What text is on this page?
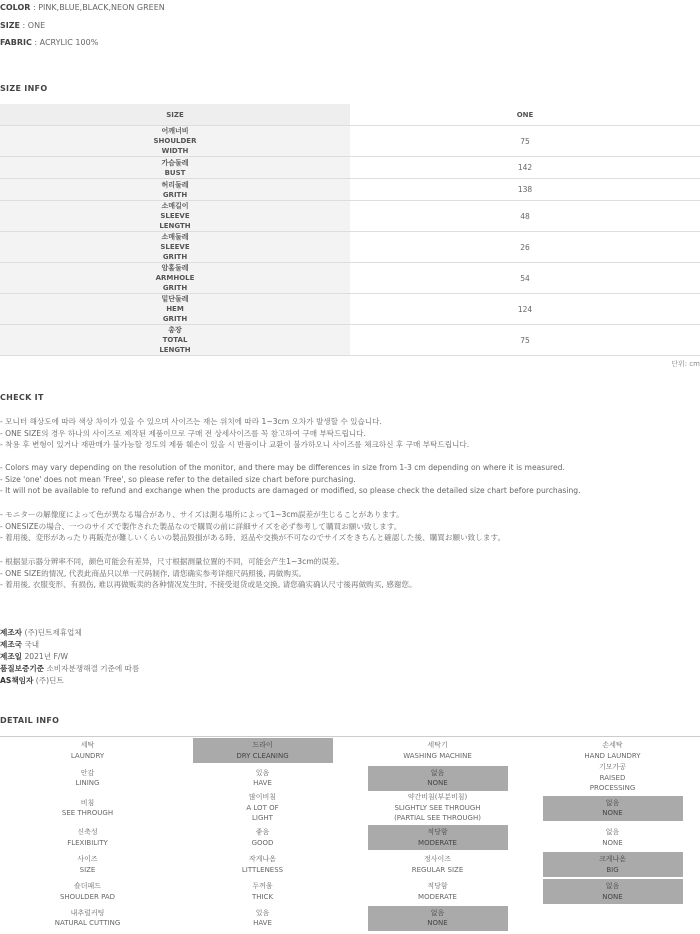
COLOR : PINK,BLUE,BLACK,NEON GREEN
SIZE : ONE
FABRIC : ACRYLIC 100%
SIZE INFO
SIZE	ONE
어깨너비
SHOULDER
WIDTH
75
가슴둘레
BUST
142
허리둘레
GRITH
138
소매길이
SLEEVE
LENGTH
48
소매둘레
SLEEVE
GRITH
26
암홀둘레
ARMHOLE
GRITH
54
밑단둘레
HEM
GRITH
124
총장
TOTAL
LENGTH
75
단위: cm
CHECK IT
- 모니터 해상도에 따라 색상 차이가 있을 수 있으며 사이즈는 재는 위치에 따라 1~3cm 오차가 발생할 수 있습니다.
- ONE SIZE의 경우 하나의 사이즈로 제작된 제품이므로 구매 전 상세사이즈를 꼭 참고하여 구매 부탁드립니다.
- 착용 후 변형이 있거나 재판매가 불가능할 정도의 제품 훼손이 있을 시 반품이나 교환이 불가하오니 사이즈를 체크하신 후 구매 부탁드립니다.
- Colors may vary depending on the resolution of the monitor, and there may be differences in size from 1-3 cm depending on where it is measured.
- Size 'one' does not mean 'Free', so please refer to the detailed size chart before purchasing.
- It will not be available to refund and exchange when the products are damaged or modified, so please check the detailed size chart before purchasing.
- モニターの解像度によって色が異なる場合があり、サイズは測る場所によって1~3cm誤差が生じることがあります。
- ONESIZEの場合、一つのサイズで製作された製品なので購買の前に詳細サイズを必ず参考して購買お願い致します。
- 着用後、変形があったり再販売が難しいくらいの製品毀損がある時、返品や交換が不可なのでサイズをきちんと確認した後、購買お願い致します。
- 根据显示器分辨率不同，颜色可能会有差异，尺寸根据测量位置的不同，可能会产生1~3cm的误差。
- ONE SIZE的情况, 代表此商品只以单一尺码制作, 请您确实参考详细尺码照後, 再做购买。
- 着用後, 衣服变形、有损伤, 难以再做贩卖的各种情况发生时, 不接受退货或是交换, 请您确实确认尺寸後再做购买, 感谢您。
제조자 (주)딘트제휴업체
제조국 국내
제조일 2021년 F/W
품질보증기준 소비자분쟁해결 기준에 따름
AS책임자 (주)딘트
DETAIL INFO
세탁
LAUNDRY
드라이
DRY CLEANING
세탁기
WASHING MACHINE
손세탁
HAND LAUNDRY
안감
LINING
있음
HAVE
없음
NONE
기모가공
RAISED
PROCESSING
비침
SEE THROUGH
많이비침
A LOT OF
LIGHT
약간비침(부분비침)
SLIGHTLY SEE THROUGH
(PARTIAL SEE THROUGH)
없음
NONE
신축성
FLEXIBILITY
좋음
GOOD
적당함
MODERATE
없음
NONE
사이즈
SIZE
작게나옴
LITTLENESS
정사이즈
REGULAR SIZE
크게나옴
BIG
숄더패드
SHOULDER PAD
두꺼움
THICK
적당함
MODERATE
없음
NONE
내추럴커팅
NATURAL CUTTING
있음
HAVE
없음
NONE
